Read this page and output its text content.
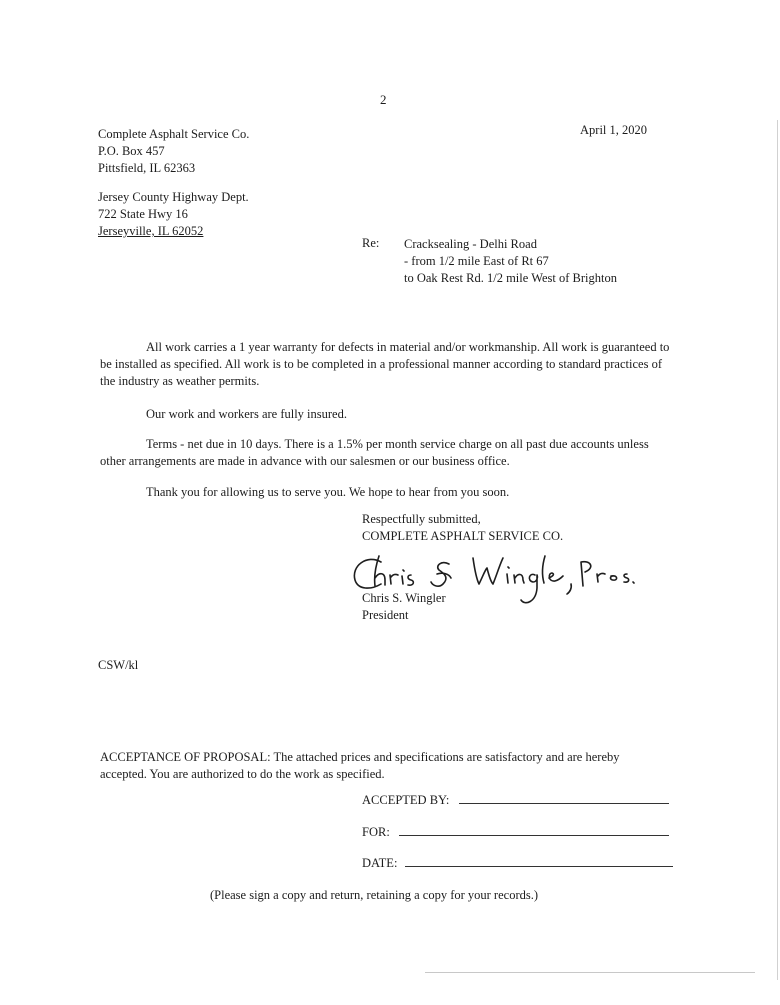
2
April 1, 2020
Complete Asphalt Service Co.
P.O. Box 457
Pittsfield, IL 62363
Jersey County Highway Dept.
722 State Hwy 16
Jerseyville, IL 62052
Re: Cracksealing - Delhi Road
- from 1/2 mile East of Rt 67
to Oak Rest Rd. 1/2 mile West of Brighton
All work carries a 1 year warranty for defects in material and/or workmanship. All work is guaranteed to be installed as specified. All work is to be completed in a professional manner according to standard practices of the industry as weather permits.
Our work and workers are fully insured.
Terms - net due in 10 days. There is a 1.5% per month service charge on all past due accounts unless other arrangements are made in advance with our salesmen or our business office.
Thank you for allowing us to serve you. We hope to hear from you soon.
Respectfully submitted,
COMPLETE ASPHALT SERVICE CO.
Chris S. Wingler
President
CSW/kl
ACCEPTANCE OF PROPOSAL: The attached prices and specifications are satisfactory and are hereby accepted. You are authorized to do the work as specified.
ACCEPTED BY:
FOR:
DATE:
(Please sign a copy and return, retaining a copy for your records.)
